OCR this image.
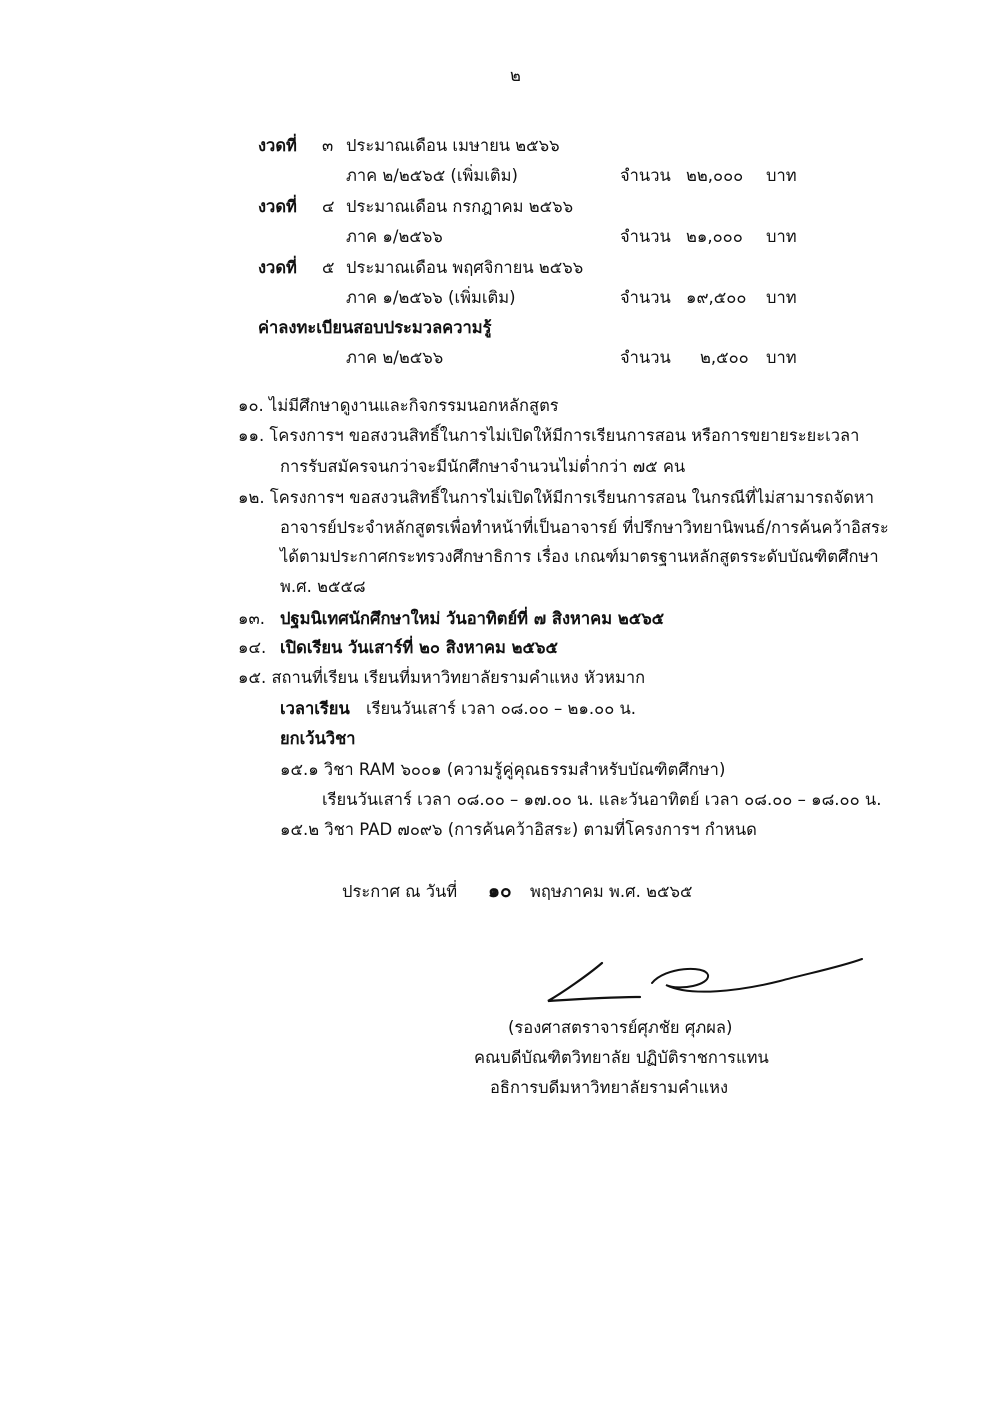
๒
งวดที่ ๓ ประมาณเดือน เมษายน ๒๕๖๖
ภาค ๒/๒๕๖๕ (เพิ่มเติม)	จำนวน ๒๒,๐๐๐ บาท
งวดที่ ๔ ประมาณเดือน กรกฎาคม ๒๕๖๖
ภาค ๑/๒๕๖๖	จำนวน ๒๑,๐๐๐ บาท
งวดที่ ๕ ประมาณเดือน พฤศจิกายน ๒๕๖๖
ภาค ๑/๒๕๖๖ (เพิ่มเติม)	จำนวน ๑๙,๕๐๐ บาท
ค่าลงทะเบียนสอบประมวลความรู้
ภาค ๒/๒๕๖๖	จำนวน ๒,๕๐๐ บาท
๑๐. ไม่มีศึกษาดูงานและกิจกรรมนอกหลักสูตร
๑๑. โครงการฯ ขอสงวนสิทธิ์ในการไม่เปิดให้มีการเรียนการสอน หรือการขยายระยะเวลา
การรับสมัครจนกว่าจะมีนักศึกษาจำนวนไม่ต่ำกว่า ๗๕ คน
๑๒. โครงการฯ ขอสงวนสิทธิ์ในการไม่เปิดให้มีการเรียนการสอน ในกรณีที่ไม่สามารถจัดหา
อาจารย์ประจำหลักสูตรเพื่อทำหน้าที่เป็นอาจารย์ ที่ปรึกษาวิทยานิพนธ์/การค้นคว้าอิสระ
ได้ตามประกาศกระทรวงศึกษาธิการ เรื่อง เกณฑ์มาตรฐานหลักสูตรระดับบัณฑิตศึกษา
พ.ศ. ๒๕๕๘
๑๓. ปฐมนิเทศนักศึกษาใหม่ วันอาทิตย์ที่ ๗ สิงหาคม ๒๕๖๕
๑๔. เปิดเรียน วันเสาร์ที่ ๒๐ สิงหาคม ๒๕๖๕
๑๕. สถานที่เรียน เรียนที่มหาวิทยาลัยรามคำแหง หัวหมาก
เวลาเรียน เรียนวันเสาร์ เวลา ๐๘.๐๐ – ๒๑.๐๐ น.
ยกเว้นวิชา
๑๕.๑ วิชา RAM ๖๐๐๑ (ความรู้คู่คุณธรรมสำหรับบัณฑิตศึกษา)
เรียนวันเสาร์ เวลา ๐๘.๐๐ – ๑๗.๐๐ น. และวันอาทิตย์ เวลา ๐๘.๐๐ – ๑๘.๐๐ น.
๑๕.๒ วิชา PAD ๗๐๙๖ (การค้นคว้าอิสระ) ตามที่โครงการฯ กำหนด
ประกาศ ณ วันที่ ๑๐ พฤษภาคม พ.ศ. ๒๕๖๕
(รองศาสตราจารย์ศุภชัย ศุภผล)
คณบดีบัณฑิตวิทยาลัย ปฏิบัติราชการแทน
อธิการบดีมหาวิทยาลัยรามคำแหง
